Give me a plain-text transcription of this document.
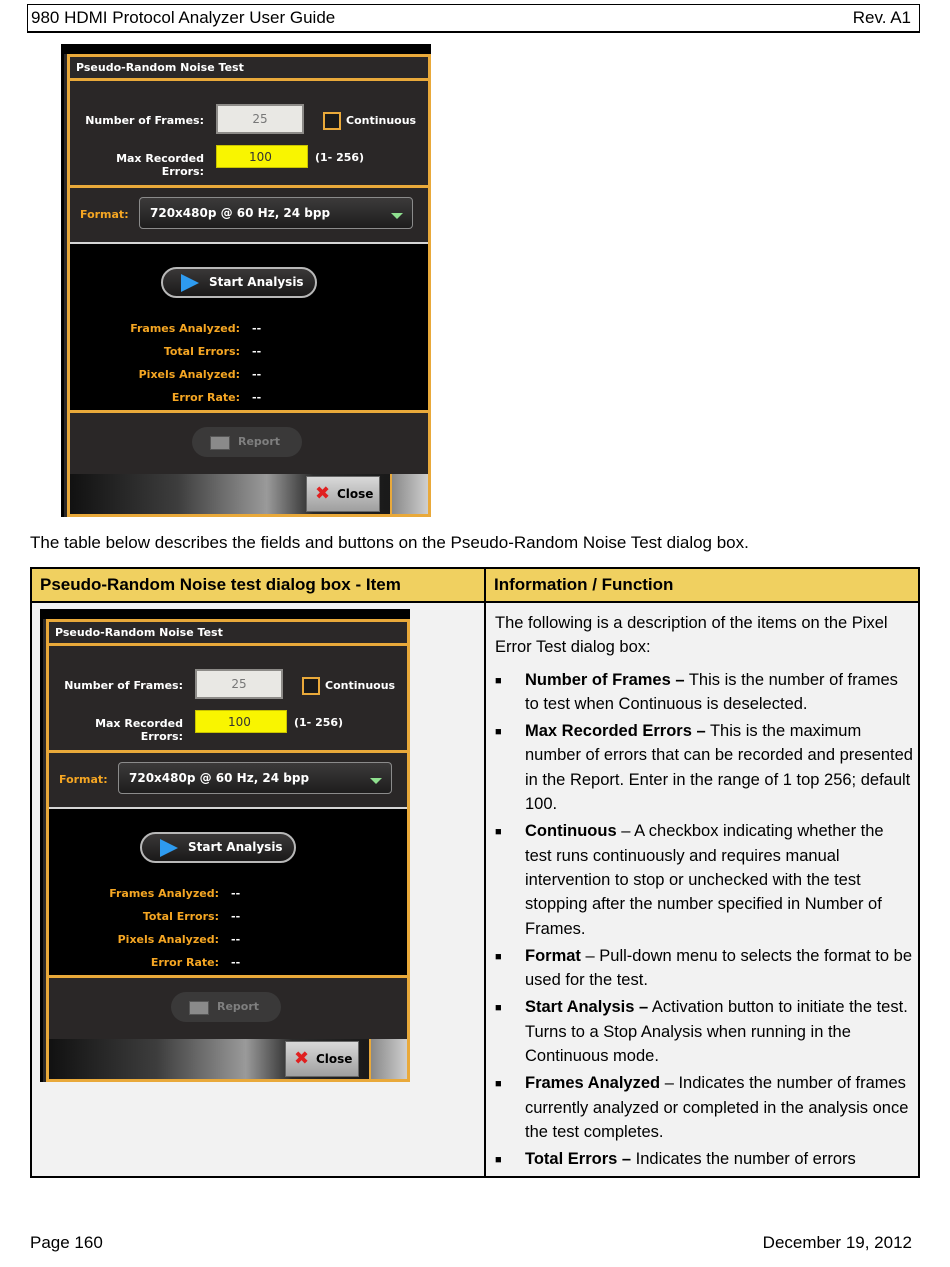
980 HDMI Protocol Analyzer User Guide	Rev. A1
Pseudo-Random Noise Test
Number of Frames:	25	Continuous
Max Recorded Errors:
100	(1- 256)
Format:	720x480p @ 60 Hz, 24 bpp
Start Analysis
Frames Analyzed: --
Total Errors: --
Pixels Analyzed: --
Error Rate: --
Report
✖ Close
The table below describes the fields and buttons on the Pseudo-Random Noise Test dialog box.
Pseudo-Random Noise test dialog box - Item	Information / Function
Pseudo-Random Noise Test
Number of Frames:	25	Continuous
Max Recorded Errors:
100	(1- 256)
Format:	720x480p @ 60 Hz, 24 bpp
Start Analysis
Frames Analyzed: --
Total Errors: --
Pixels Analyzed: --
Error Rate: --
Report
✖ Close

The following is a description of the items on the Pixel Error Test dialog box:

■ Number of Frames – This is the number of frames to test when Continuous is deselected.
■ Max Recorded Errors – This is the maximum number of errors that can be recorded and presented in the Report. Enter in the range of 1 top 256; default 100.
■ Continuous – A checkbox indicating whether the test runs continuously and requires manual intervention to stop or unchecked with the test stopping after the number specified in Number of Frames.
■ Format – Pull-down menu to selects the format to be used for the test.
■ Start Analysis – Activation button to initiate the test. Turns to a Stop Analysis when running in the Continuous mode.
■ Frames Analyzed – Indicates the number of frames currently analyzed or completed in the analysis once the test completes.
■ Total Errors – Indicates the number of errors
Page 160	December 19, 2012
